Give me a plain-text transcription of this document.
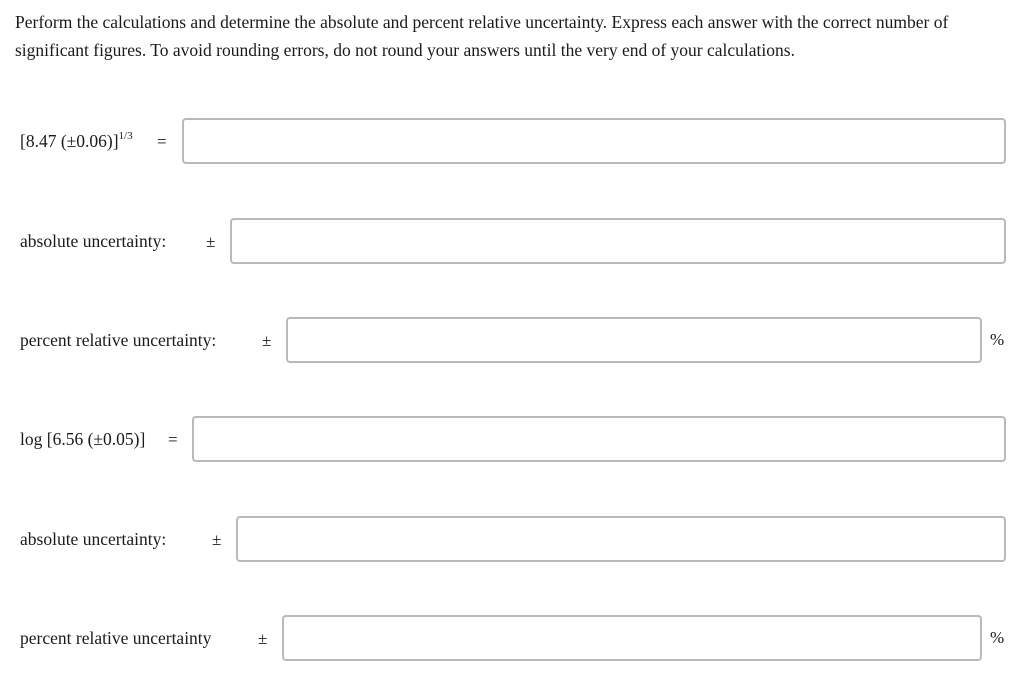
Perform the calculations and determine the absolute and percent relative uncertainty. Express each answer with the correct number of significant figures. To avoid rounding errors, do not round your answers until the very end of your calculations.

[8.47 (±0.06)]$^{1/3}$ =
absolute uncertainty: ±
percent relative uncertainty:	±	%
log [6.56 (±0.05)] =
absolute uncertainty:	±
percent relative uncertainty	±	%
